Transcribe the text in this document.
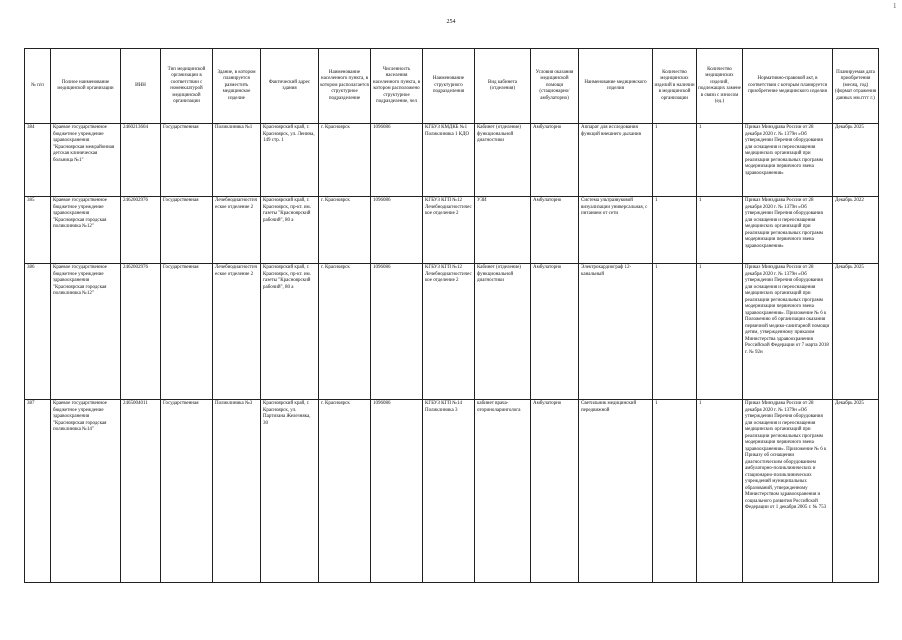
254
1
№ п/п	Полное наименование медицинской организации	ИНН	Тип медицинской организации в соответствии с номенклатурой медицинской организации	Здание, в котором планируется разместить медицинское изделие	Фактический адрес здания	Наименование населенного пункта, в котором располагается структурное подразделение	Численность населения населенного пункта, в котором расположено структурное подразделение, чел	Наименование структурного подразделения	Вид кабинета (отделения)	Условия оказания медицинской помощи (стационарно/амбулаторно)	Наименование медицинского изделия	Количество медицинских изделий в наличии в медицинской организации	Количество медицинских изделий, подлежащих замене в связи с износом (ед.)	Нормативно-правовой акт, в соответствии с которым планируется приобретение медицинского изделия	Планируемая дата приобретения (месяц, год) (формат отражения данных мм.гггг г.)
384	Краевое государственное бюджетное учреждение здравоохранения "Красноярская межрайонная детская клиническая больница №1"	2460213604	Государственная	Поликлиника №1	Красноярский край, г. Красноярск, ул. Ленина, 149 стр. 1	г. Красноярск	1096086	КГБУЗ КМДКБ №1 Поликлиника 1 КДО	Кабинет (отделение) функциональной диагностики	Амбулаторно	Аппарат для исследования функций внешнего дыхания	1	1	Приказ Минздрава России от 28 декабря 2020 г. № 1379н «Об утверждении Перечня оборудования для оснащения и переоснащения медицинских организаций при реализации региональных программ модернизации первичного звена здравоохранения»	Декабрь 2025
385	Краевое государственное бюджетное учреждение здравоохранения "Красноярская городская поликлиника №12"	2462002976	Государственная	Лечебнодиагностическое отделение 2	Красноярский край, г. Красноярск, пр-кт. им. газеты "Красноярский рабочий", 80 а	г. Красноярск	1096086	КГБУЗ КГП №12 Лечебнодиагностическое отделение 2	УЗИ	Амбулаторно	Система ультразвуковой визуализации универсальная, с питанием от сети	1	1	Приказ Минздрава России от 28 декабря 2020 г. № 1379н «Об утверждении Перечня оборудования для оснащения и переоснащения медицинских организаций при реализации региональных программ модернизации первичного звена здравоохранения»	Декабрь 2022
386	Краевое государственное бюджетное учреждение здравоохранения "Красноярская городская поликлиника №12"	2462002976	Государственная	Лечебнодиагностическое отделение 2	Красноярский край, г. Красноярск, пр-кт. им. газеты "Красноярский рабочий", 80 а	г. Красноярск	1096086	КГБУЗ КГП №12 Лечебнодиагностическое отделение 2	Кабинет (отделение) функциональной диагностики	Амбулаторно	Электрокардиограф 12-канальный	1	1	Приказ Минздрава России от 28 декабря 2020 г. № 1379н «Об утверждении Перечня оборудования для оснащения и переоснащения медицинских организаций при реализации региональных программ модернизации первичного звена здравоохранения». Приложение № 6 к Положению об организации оказания первичной медико-санитарной помощи детям, утвержденному приказом Министерства здравоохранения Российской Федерации от 7 марта 2018 г. № 92н	Декабрь 2025
387	Краевое государственное бюджетное учреждение здравоохранения "Красноярская городская поликлиника №14"	2465004011	Государственная	Поликлиника №3	Красноярский край, г. Красноярск, ул. Партизана Железняка, 30	г. Красноярск	1096086	КГБУЗ КГП №14 Поликлиника 3	кабинет врача-оториноларинголога	Амбулаторно	Светильник медицинский передвижной	1	1	Приказ Минздрава России от 28 декабря 2020 г. № 1379н «Об утверждении Перечня оборудования для оснащения и переоснащения медицинских организаций при реализации региональных программ модернизации первичного звена здравоохранения». Приложение № 6 к Приказу об оснащении диагностическим оборудованием амбулаторно-поликлинических и стационарно-поликлинических учреждений муниципальных образований, утвержденному Министерством здравоохранения и социального развития Российской Федерации от 1 декабря 2005 г. № 753	Декабрь 2025
